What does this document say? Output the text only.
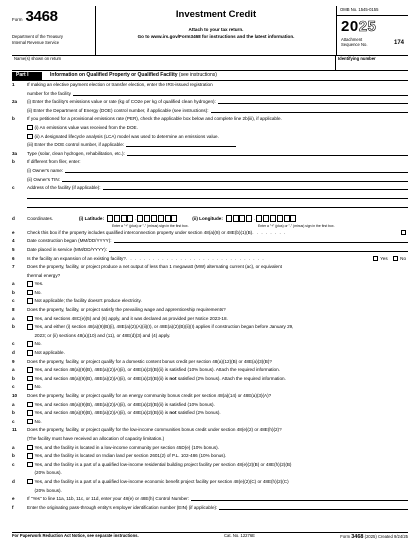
Form 3468
Department of the Treasury
Internal Revenue Service
Investment Credit
Attach to your tax return.
Go to www.irs.gov/Form3468 for instructions and the latest information.
OMB No. 1545-0155
2025
Attachment
Sequence No.	174
Name(s) shown on return	Identifying number
Part I	Information on Qualified Property or Qualified Facility (see instructions)
1	If making an elective payment election or transfer election, enter the IRS-issued registration
number for the facility
2a	(i) Enter the facility's emissions value or rate (kg of CO2e per kg of qualified clean hydrogen):
(ii) Enter the Department of Energy (DOE) control number, if applicable (see instructions):
b	If you petitioned for a provisional emissions rate (PER), check the applicable box below and complete line 2b(iii), if applicable.
(i) An emissions value was received from the DOE.
(ii) A designated lifecycle analysis (LCA) model was used to determine an emissions value.
(iii) Enter the DOE control number, if applicable:
3a	Type (solar, clean hydrogen, rehabilitation, etc.):
b	If different from filer, enter:
(i) Owner's name:
(ii) Owner's TIN:
c	Address of the facility (if applicable):
d	Coordinates.	(i) Latitude:	.	(ii) Longitude:	.
Enter a "+" (plus) or "-" (minus) sign in the first box.	Enter a "+" (plus) or "-" (minus) sign in the first box.
e	Check this box if the property includes qualified interconnection property under section 48(a)(8) or 48E(b)(1)(B) . . . . . . . .
4	Date construction began (MM/DD/YYYY):
5	Date placed in service (MM/DD/YYYY):
6	Is the facility an expansion of an existing facility? . . . . . . . . . . . . . . . . . . . . . . . . . . . . . . .	Yes	No
7	Does the property, facility, or project produce a net output of less than 1 megawatt (MW) alternating current (ac), or equivalent
thermal energy?
a	Yes.
b	No.
c	Not applicable; the facility doesn't produce electricity.
8	Does the property, facility, or project satisfy the prevailing wage and apprenticeship requirements?
a	Yes, and sections 48C(e)(5) and (6) apply, and it was declared as provided per Notice 2023-18.
b	Yes, and either (i) section 48(a)(9)(B)(i), 48E(a)(2)(A)(ii)(I), or 48E(a)(2)(B)(ii)(I) applies if construction began before January 29,
2023; or (ii) sections 48(a)(10) and (11), or 48E(d)(3) and (4) apply.
c	No.
d	Not applicable.
9	Does the property, facility, or project qualify for a domestic content bonus credit per section 48(a)(12)(B) or 48E(a)(3)(B)?
a	Yes, and section 48(a)(9)(B), 48E(a)(2)(A)(ii), or 48E(a)(2)(B)(ii) is satisfied (10% bonus). Attach the required information.
b	Yes, and section 48(a)(9)(B), 48E(a)(2)(A)(ii), or 48E(a)(2)(B)(ii) is not satisfied (2% bonus). Attach the required information.
c	No.
10	Does the property, facility, or project qualify for an energy community bonus credit per section 48(a)(14) or 48E(a)(3)(A)?
a	Yes, and section 48(a)(9)(B), 48E(a)(2)(A)(ii), or 48E(a)(2)(B)(ii) is satisfied (10% bonus).
b	Yes, and section 48(a)(9)(B), 48E(a)(2)(A)(ii), or 48E(a)(2)(B)(ii) is not satisfied (2% bonus).
c	No.
11	Does the property, facility, or project qualify for the low-income communities bonus credit under section 48(e)(2) or 48E(h)(2)?
(The facility must have received an allocation of capacity limitation.)
a	Yes, and the facility is located in a low-income community per section 45D(e) (10% bonus).
b	Yes, and the facility is located on Indian land per section 2601(2) of P.L. 102-486 (10% bonus).
c	Yes, and the facility is a part of a qualified low-income residential building project facility per section 48(e)(2)(B) or 48E(h)(2)(B)
(20% bonus).
d	Yes, and the facility is a part of a qualified low-income economic benefit project facility per section 48(e)(2)(C) or 48E(h)(2)(C)
(20% bonus).
e	If "Yes" to line 11a, 11b, 11c, or 11d, enter your 48(e) or 48E(h) Control Number:
f	Enter the originating pass-through entity's employer identification number (EIN) (if applicable):
For Paperwork Reduction Act Notice, see separate instructions.	Cat. No. 12276E	Form 3468 (2025) Created 9/24/25
